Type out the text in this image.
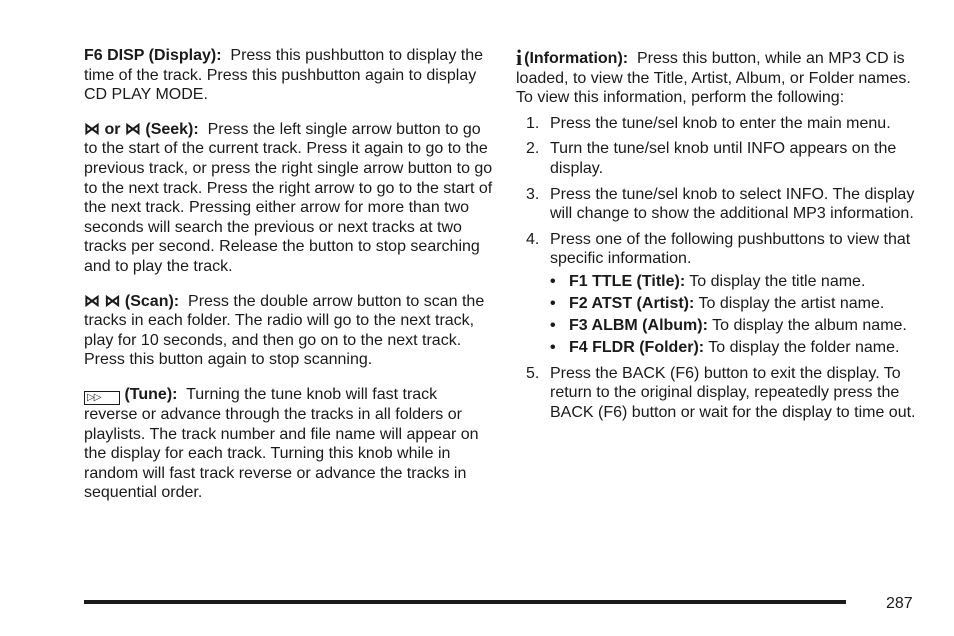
F6 DISP (Display): Press this pushbutton to display the time of the track. Press this pushbutton again to display CD PLAY MODE.

⋈ or ⋈ (Seek): Press the left single arrow button to go to the start of the current track. Press it again to go to the previous track, or press the right single arrow button to go to the next track. Press the right arrow to go to the start of the next track. Pressing either arrow for more than two seconds will search the previous or next tracks at two tracks per second. Release the button to stop searching and to play the track.

⋈ ⋈ (Scan): Press the double arrow button to scan the tracks in each folder. The radio will go to the next track, play for 10 seconds, and then go on to the next track. Press this button again to stop scanning.

▷▷ (Tune): Turning the tune knob will fast track reverse or advance through the tracks in all folders or playlists. The track number and file name will appear on the display for each track. Turning this knob while in random will fast track reverse or advance the tracks in sequential order.

i (Information): Press this button, while an MP3 CD is loaded, to view the Title, Artist, Album, or Folder names. To view this information, perform the following:
1. Press the tune/sel knob to enter the main menu.
2. Turn the tune/sel knob until INFO appears on the display.
3. Press the tune/sel knob to select INFO. The display will change to show the additional MP3 information.
4. Press one of the following pushbuttons to view that specific information.
• F1 TTLE (Title): To display the title name.
• F2 ATST (Artist): To display the artist name.
• F3 ALBM (Album): To display the album name.
• F4 FLDR (Folder): To display the folder name.
5. Press the BACK (F6) button to exit the display. To return to the original display, repeatedly press the BACK (F6) button or wait for the display to time out.
287
